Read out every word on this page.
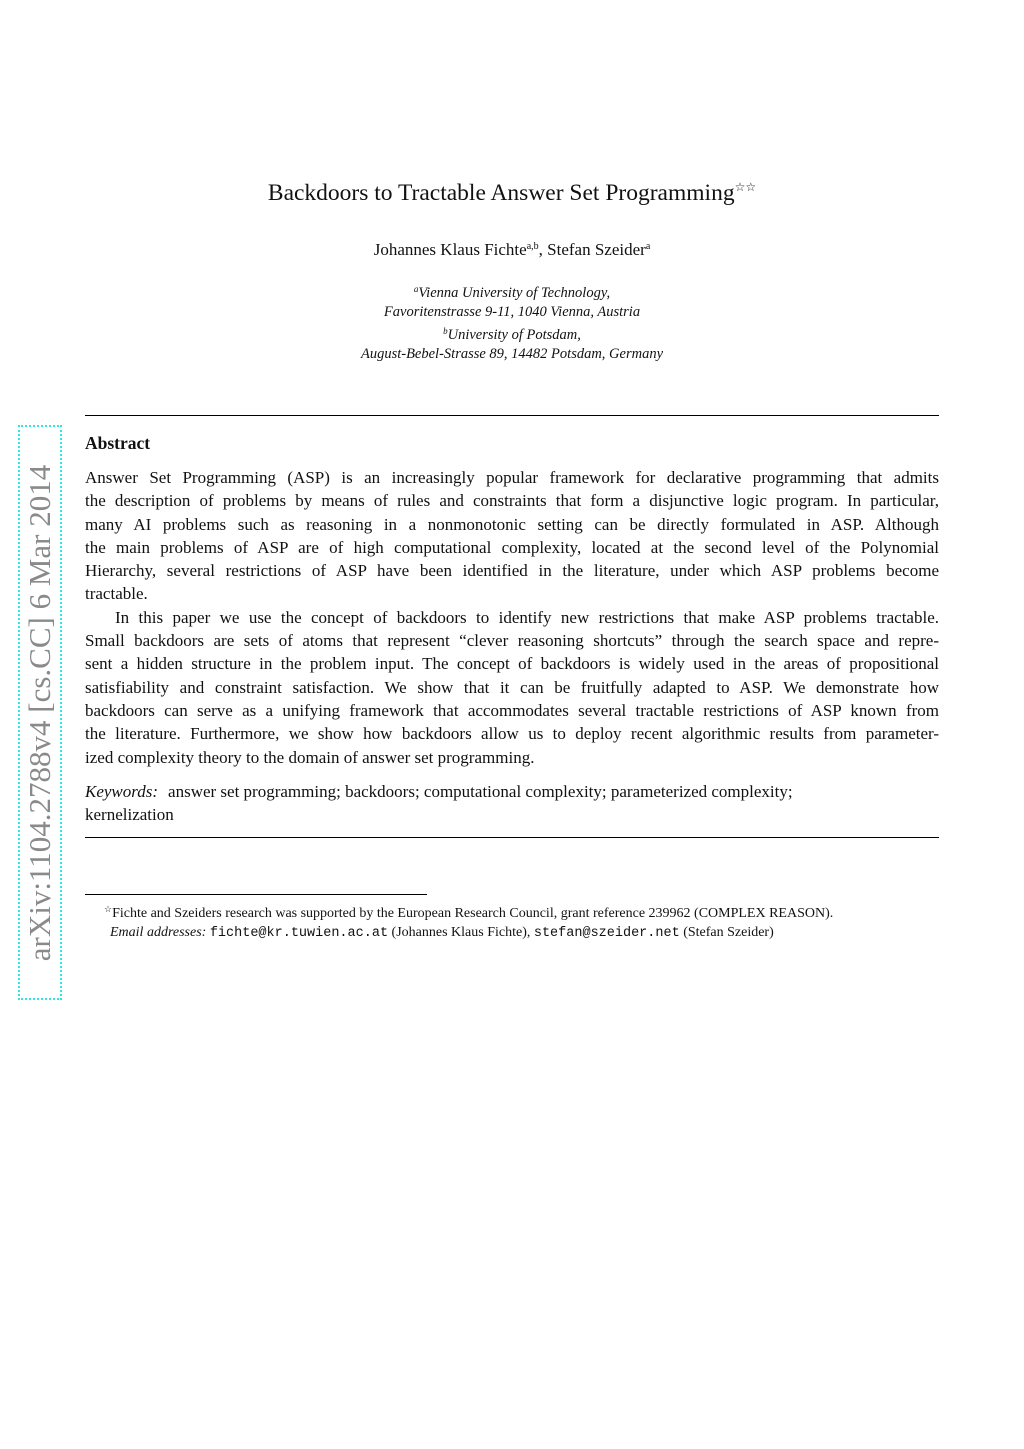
arXiv:1104.2788v4 [cs.CC] 6 Mar 2014
Backdoors to Tractable Answer Set Programming☆☆
Johannes Klaus Fichte$^{a,b}$, Stefan Szeider$^a$
$^a$Vienna University of Technology,
Favoritenstrasse 9-11, 1040 Vienna, Austria
$^b$University of Potsdam,
August-Bebel-Strasse 89, 14482 Potsdam, Germany
Abstract
Answer Set Programming (ASP) is an increasingly popular framework for declarative programming that admits
the description of problems by means of rules and constraints that form a disjunctive logic program. In particular,
many AI problems such as reasoning in a nonmonotonic setting can be directly formulated in ASP. Although
the main problems of ASP are of high computational complexity, located at the second level of the Polynomial
Hierarchy, several restrictions of ASP have been identified in the literature, under which ASP problems become
tractable.
In this paper we use the concept of backdoors to identify new restrictions that make ASP problems tractable.
Small backdoors are sets of atoms that represent “clever reasoning shortcuts” through the search space and repre-
sent a hidden structure in the problem input. The concept of backdoors is widely used in the areas of propositional
satisfiability and constraint satisfaction. We show that it can be fruitfully adapted to ASP. We demonstrate how
backdoors can serve as a unifying framework that accommodates several tractable restrictions of ASP known from
the literature. Furthermore, we show how backdoors allow us to deploy recent algorithmic results from parameter-
ized complexity theory to the domain of answer set programming.
Keywords: answer set programming; backdoors; computational complexity; parameterized complexity;
kernelization
☆Fichte and Szeiders research was supported by the European Research Council, grant reference 239962 (COMPLEX REASON).
Email addresses: fichte@kr.tuwien.ac.at (Johannes Klaus Fichte), stefan@szeider.net (Stefan Szeider)
